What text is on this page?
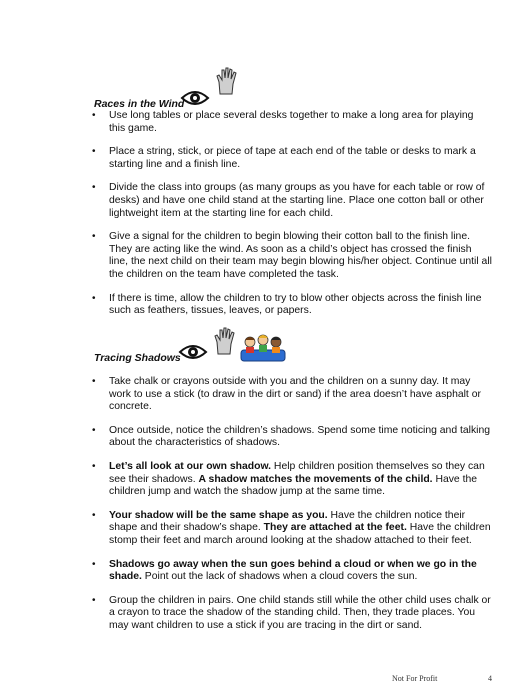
Races in the Wind
• Use long tables or place several desks together to make a long area for playing this game.
• Place a string, stick, or piece of tape at each end of the table or desks to mark a starting line and a finish line.
• Divide the class into groups (as many groups as you have for each table or row of desks) and have one child stand at the starting line. Place one cotton ball or other lightweight item at the starting line for each child.
• Give a signal for the children to begin blowing their cotton ball to the finish line. They are acting like the wind. As soon as a child’s object has crossed the finish line, the next child on their team may begin blowing his/her object. Continue until all the children on the team have completed the task.
• If there is time, allow the children to try to blow other objects across the finish line such as feathers, tissues, leaves, or papers.
Tracing Shadows
• Take chalk or crayons outside with you and the children on a sunny day. It may work to use a stick (to draw in the dirt or sand) if the area doesn’t have asphalt or concrete.
• Once outside, notice the children’s shadows. Spend some time noticing and talking about the characteristics of shadows.
• Let’s all look at our own shadow. Help children position themselves so they can see their shadows. A shadow matches the movements of the child. Have the children jump and watch the shadow jump at the same time.
• Your shadow will be the same shape as you. Have the children notice their shape and their shadow’s shape. They are attached at the feet. Have the children stomp their feet and march around looking at the shadow attached to their feet.
• Shadows go away when the sun goes behind a cloud or when we go in the shade. Point out the lack of shadows when a cloud covers the sun.
• Group the children in pairs. One child stands still while the other child uses chalk or a crayon to trace the shadow of the standing child. Then, they trade places. You may want children to use a stick if you are tracing in the dirt or sand.
Not For Profit	4
